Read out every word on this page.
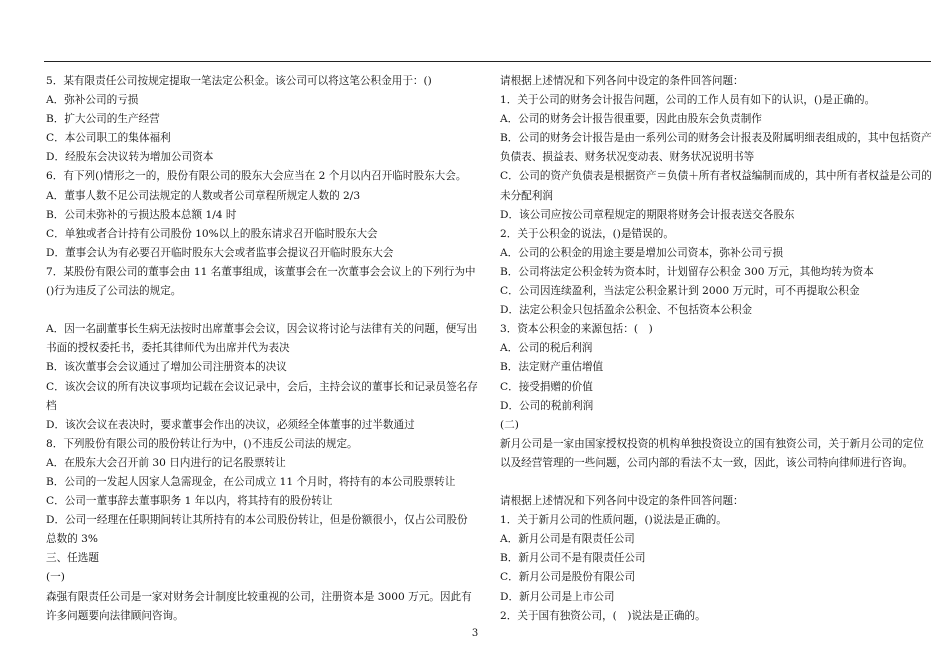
5．某有限责任公司按规定提取一笔法定公积金。该公司可以将这笔公积金用于：()
A．弥补公司的亏损
B．扩大公司的生产经营
C．本公司职工的集体福利
D．经股东会决议转为增加公司资本
6．有下列()情形之一的，股份有限公司的股东大会应当在 2 个月以内召开临时股东大会。
A．董事人数不足公司法规定的人数或者公司章程所规定人数的 2/3
B．公司未弥补的亏损达股本总额 1/4 时
C．单独或者合计持有公司股份 10%以上的股东请求召开临时股东大会
D．董事会认为有必要召开临时股东大会或者监事会提议召开临时股东大会
7．某股份有限公司的董事会由 11 名董事组成，该董事会在一次董事会会议上的下列行为中()行为违反了公司法的规定。
A．因一名副董事长生病无法按时出席董事会会议，因会议将讨论与法律有关的问题，便写出书面的授权委托书，委托其律师代为出席并代为表决
B．该次董事会会议通过了增加公司注册资本的决议
C．该次会议的所有决议事项均记载在会议记录中，会后，主持会议的董事长和记录员签名存档
D．该次会议在表决时，要求董事会作出的决议，必须经全体董事的过半数通过
8．下列股份有限公司的股份转让行为中，()不违反公司法的规定。
A．在股东大会召开前 30 日内进行的记名股票转让
B．公司的一发起人因家人急需现金，在公司成立 11 个月时，将持有的本公司股票转让
C．公司一董事辞去董事职务 1 年以内，将其持有的股份转让
D．公司一经理在任职期间转让其所持有的本公司股份转让，但是份额很小，仅占公司股份总数的 3%
三、任选题
(一)
森强有限责任公司是一家对财务会计制度比较重视的公司，注册资本是 3000 万元。因此有许多问题要向法律顾问咨询。
请根据上述情况和下列各问中设定的条件回答问题：
1．关于公司的财务会计报告问题，公司的工作人员有如下的认识，()是正确的。
A．公司的财务会计报告很重要，因此由股东会负责制作
B．公司的财务会计报告是由一系列公司的财务会计报表及附属明细表组成的，其中包括资产负债表、损益表、财务状况变动表、财务状况说明书等
C．公司的资产负债表是根据资产＝负债＋所有者权益编制而成的，其中所有者权益是公司的未分配利润
D．该公司应按公司章程规定的期限将财务会计报表送交各股东
2．关于公积金的说法，()是错误的。
A．公司的公积金的用途主要是增加公司资本，弥补公司亏损
B．公司将法定公积金转为资本时，计划留存公积金 300 万元，其他均转为资本
C．公司因连续盈利，当法定公积金累计到 2000 万元时，可不再提取公积金
D．法定公积金只包括盈余公积金、不包括资本公积金
3．资本公积金的来源包括：(　)
A．公司的税后利润
B．法定财产重估增值
C．接受捐赠的价值
D．公司的税前利润
(二)
新月公司是一家由国家授权投资的机构单独投资设立的国有独资公司，关于新月公司的定位以及经营管理的一些问题，公司内部的看法不太一致，因此，该公司特向律师进行咨询。
请根据上述情况和下列各问中设定的条件回答问题：
1．关于新月公司的性质问题，()说法是正确的。
A．新月公司是有限责任公司
B．新月公司不是有限责任公司
C．新月公司是股份有限公司
D．新月公司是上市公司
2．关于国有独资公司，(　)说法是正确的。
3
